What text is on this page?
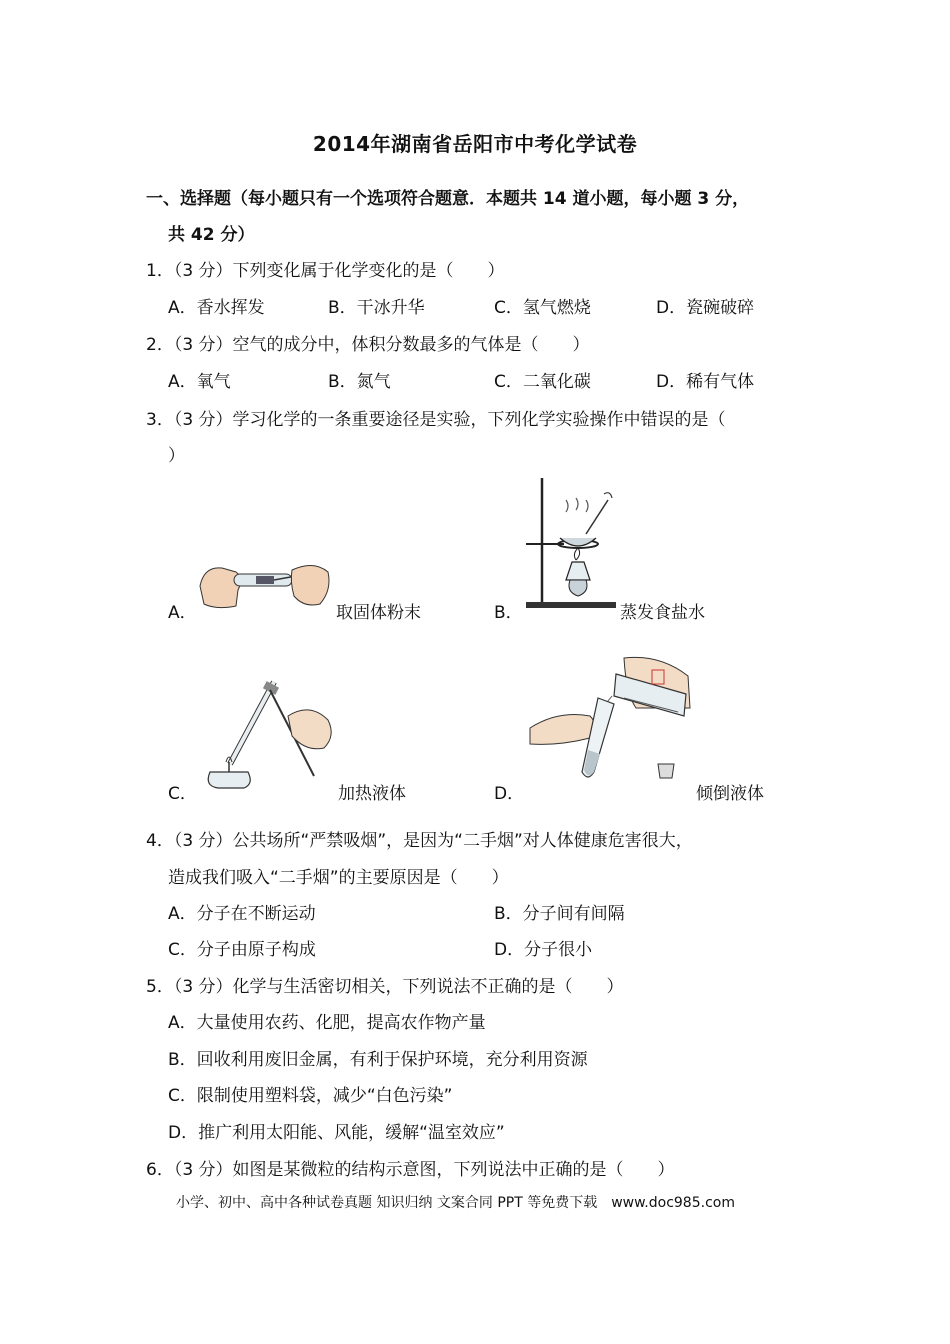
2014年湖南省岳阳市中考化学试卷
一、选择题（每小题只有一个选项符合题意．本题共 14 道小题，每小题 3 分，
共 42 分）
1．（3 分）下列变化属于化学变化的是（　　）
A．香水挥发	B．干冰升华	C．氢气燃烧	D．瓷碗破碎
2．（3 分）空气的成分中，体积分数最多的气体是（　　）
A．氧气	B．氮气	C．二氧化碳	D．稀有气体
3．（3 分）学习化学的一条重要途径是实验，下列化学实验操作中错误的是（
）
A．	取固体粉末	B．	蒸发食盐水
C．	加热液体	D．	倾倒液体
4．（3 分）公共场所“严禁吸烟”，是因为“二手烟”对人体健康危害很大，
造成我们吸入“二手烟”的主要原因是（　　）
A．分子在不断运动	B．分子间有间隔
C．分子由原子构成	D．分子很小
5．（3 分）化学与生活密切相关，下列说法不正确的是（　　）
A．大量使用农药、化肥，提高农作物产量
B．回收利用废旧金属，有利于保护环境，充分利用资源
C．限制使用塑料袋，减少“白色污染”
D．推广利用太阳能、风能，缓解“温室效应”
6．（3 分）如图是某微粒的结构示意图，下列说法中正确的是（　　）
小学、初中、高中各种试卷真题 知识归纳 文案合同 PPT 等免费下载　www.doc985.com
